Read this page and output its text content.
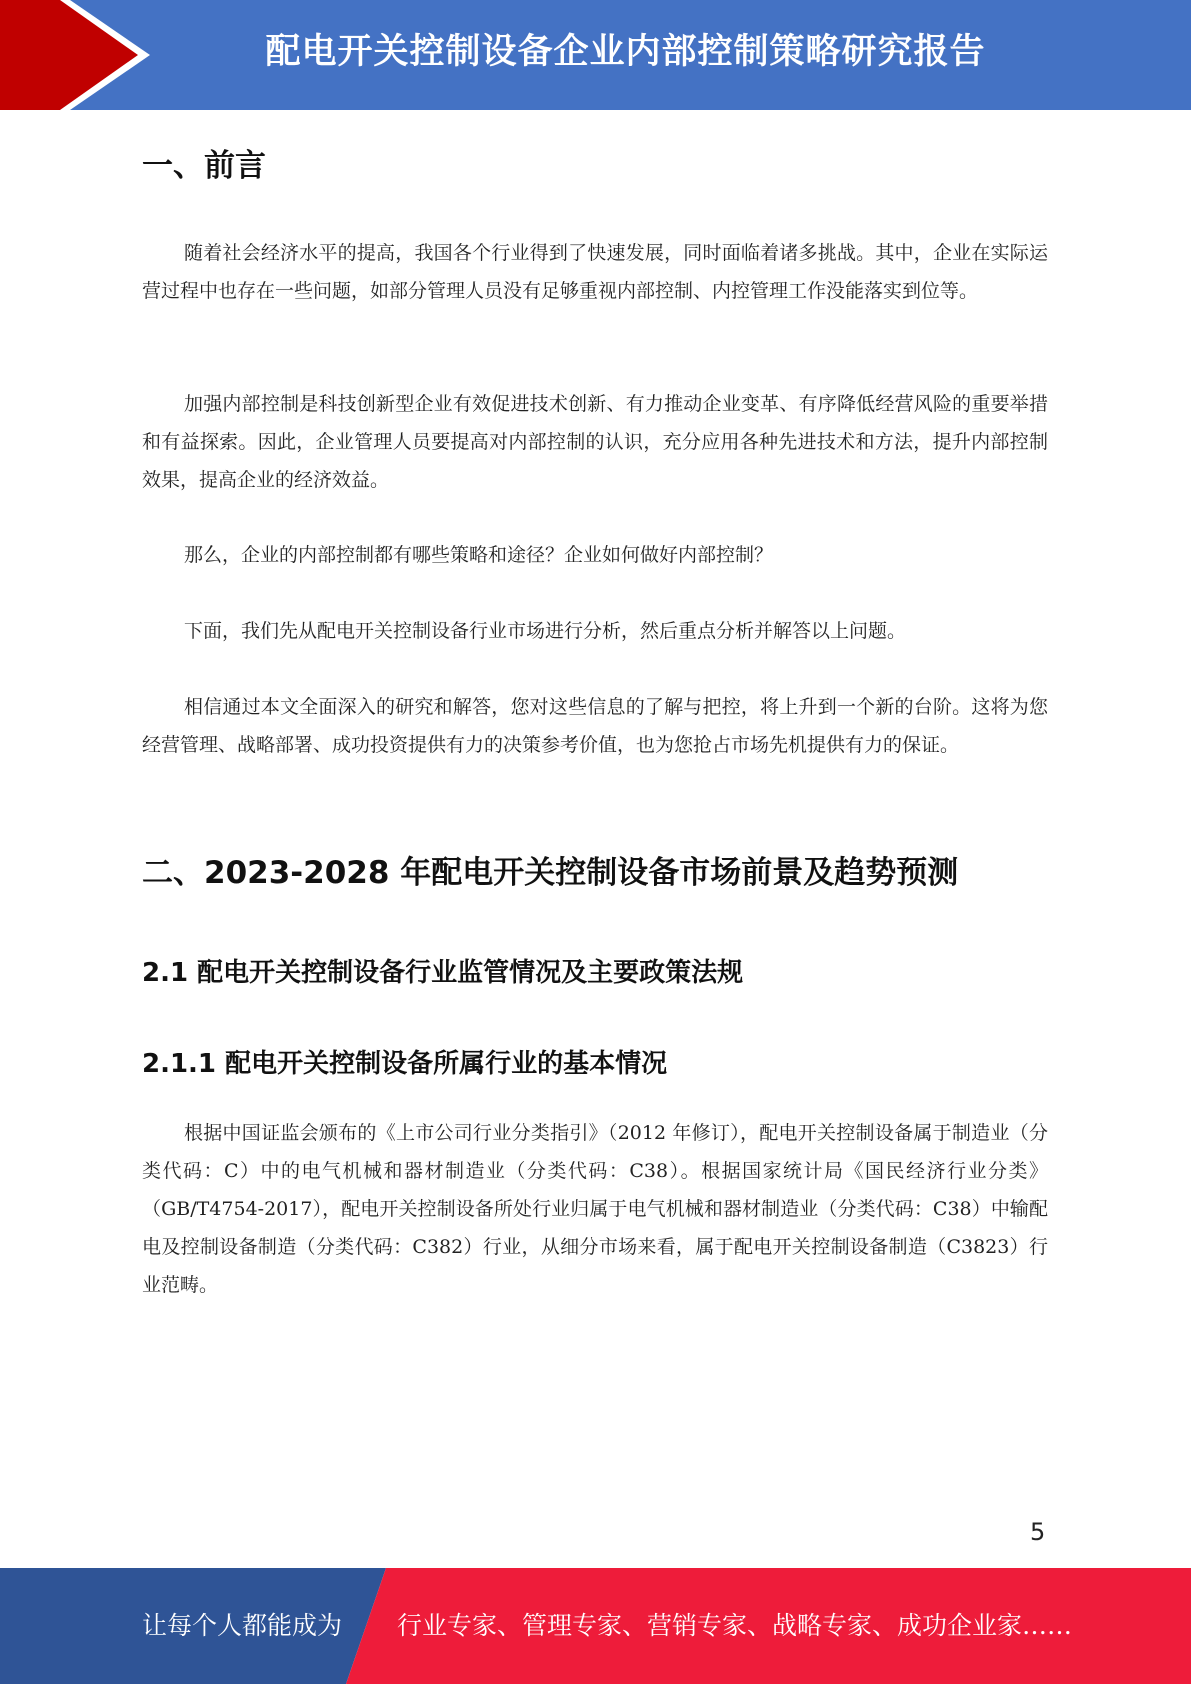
配电开关控制设备企业内部控制策略研究报告
一、前言

随着社会经济水平的提高，我国各个行业得到了快速发展，同时面临着诸多挑战。其中，企业在实际运营过程中也存在一些问题，如部分管理人员没有足够重视内部控制、内控管理工作没能落实到位等。

加强内部控制是科技创新型企业有效促进技术创新、有力推动企业变革、有序降低经营风险的重要举措和有益探索。因此，企业管理人员要提高对内部控制的认识，充分应用各种先进技术和方法，提升内部控制效果，提高企业的经济效益。

那么，企业的内部控制都有哪些策略和途径？企业如何做好内部控制？

下面，我们先从配电开关控制设备行业市场进行分析，然后重点分析并解答以上问题。

相信通过本文全面深入的研究和解答，您对这些信息的了解与把控，将上升到一个新的台阶。这将为您经营管理、战略部署、成功投资提供有力的决策参考价值，也为您抢占市场先机提供有力的保证。

二、2023-2028 年配电开关控制设备市场前景及趋势预测
2.1 配电开关控制设备行业监管情况及主要政策法规
2.1.1 配电开关控制设备所属行业的基本情况

根据中国证监会颁布的《上市公司行业分类指引》（2012 年修订），配电开关控制设备属于制造业（分类代码：C）中的电气机械和器材制造业（分类代码：C38）。根据国家统计局《国民经济行业分类》（GB/T4754-2017），配电开关控制设备所处行业归属于电气机械和器材制造业（分类代码：C38）中输配电及控制设备制造（分类代码：C382）行业，从细分市场来看，属于配电开关控制设备制造（C3823）行业范畴。

5
让每个人都能成为 行业专家、管理专家、营销专家、战略专家、成功企业家……
